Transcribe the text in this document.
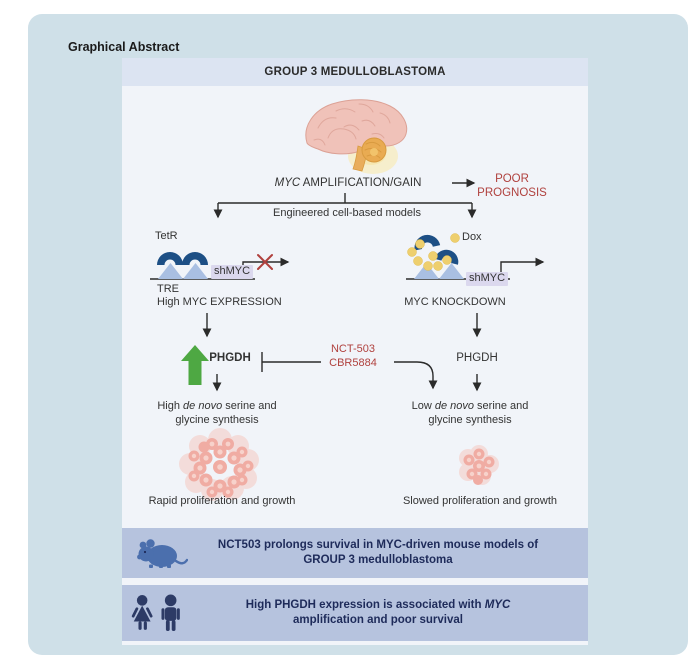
Graphical Abstract
GROUP 3 MEDULLOBLASTOMA
MYC AMPLIFICATION/GAIN	POOR
PROGNOSIS
Engineered cell-based models
TetR
shMYC
TRE
High MYC EXPRESSION
Dox
shMYC
MYC KNOCKDOWN
PHGDH
NCT-503
CBR5884	PHGDH
High de novo serine and
glycine synthesis
Low de novo serine and
glycine synthesis
Rapid proliferation and growth	Slowed proliferation and growth
NCT503 prolongs survival in MYC-driven mouse models of
GROUP 3 medulloblastoma
High PHGDH expression is associated with MYC
amplification and poor survival
